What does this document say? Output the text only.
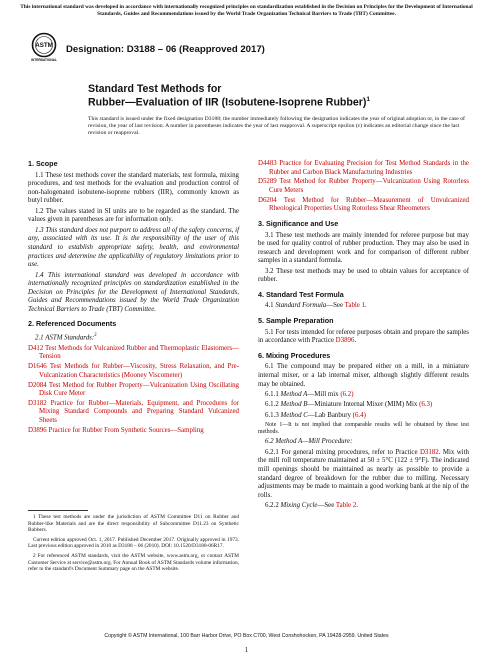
This international standard was developed in accordance with internationally recognized principles on standardization established in the Decision on Principles for the Development of International Standards, Guides and Recommendations issued by the World Trade Organization Technical Barriers to Trade (TBT) Committee.
ASTM
INTERNATIONAL
Designation: D3188 – 06 (Reapproved 2017)
Standard Test Methods for
Rubber—Evaluation of IIR (Isobutene-Isoprene Rubber)$^1$
This standard is issued under the fixed designation D3188; the number immediately following the designation indicates the year of original adoption or, in the case of revision, the year of last revision. A number in parentheses indicates the year of last reapproval. A superscript epsilon (ε) indicates an editorial change since the last revision or reapproval.
1. Scope

1.1 These test methods cover the standard materials, test formula, mixing procedures, and test methods for the evaluation and production control of non-halogenated isobutene-isoprene rubbers (IIR), commonly known as butyl rubber.

1.2 The values stated in SI units are to be regarded as the standard. The values given in parentheses are for information only.

1.3 This standard does not purport to address all of the safety concerns, if any, associated with its use. It is the responsibility of the user of this standard to establish appropriate safety, health, and environmental practices and determine the applicability of regulatory limitations prior to use.

1.4 This international standard was developed in accordance with internationally recognized principles on standardization established in the Decision on Principles for the Development of International Standards, Guides and Recommendations issued by the World Trade Organization Technical Barriers to Trade (TBT) Committee.

2. Referenced Documents

2.1 ASTM Standards:$^2$

D412 Test Methods for Vulcanized Rubber and Thermoplastic Elastomers—Tension
D1646 Test Methods for Rubber—Viscosity, Stress Relaxation, and Pre-Vulcanization Characteristics (Mooney Viscometer)
D2084 Test Method for Rubber Property—Vulcanization Using Oscillating Disk Cure Meter
D3182 Practice for Rubber—Materials, Equipment, and Procedures for Mixing Standard Compounds and Preparing Standard Vulcanized Sheets
D3896 Practice for Rubber From Synthetic Sources—Sampling
D4483 Practice for Evaluating Precision for Test Method Standards in the Rubber and Carbon Black Manufacturing Industries
D5289 Test Method for Rubber Property—Vulcanization Using Rotorless Cure Meters
D6204 Test Method for Rubber—Measurement of Unvulcanized Rheological Properties Using Rotorless Shear Rheometers
3. Significance and Use

3.1 These test methods are mainly intended for referee purpose but may be used for quality control of rubber production. They may also be used in research and development work and for comparison of different rubber samples in a standard formula.

3.2 These test methods may be used to obtain values for acceptance of rubber.

4. Standard Test Formula

4.1 Standard Formula—See Table 1.

5. Sample Preparation

5.1 For tests intended for referee purposes obtain and prepare the samples in accordance with Practice D3896.

6. Mixing Procedures

6.1 The compound may be prepared either on a mill, in a miniature internal mixer, or a lab internal mixer, although slightly different results may be obtained.

6.1.1 Method A—Mill mix (6.2)

6.1.2 Method B—Miniature Internal Mixer (MIM) Mix (6.3)

6.1.3 Method C—Lab Banbury (6.4)

Note 1—It is not implied that comparable results will be obtained by these test methods.

6.2 Method A—Mill Procedure:

6.2.1 For general mixing procedures, refer to Practice D3182. Mix with the mill roll temperature maintained at 50 ± 5°C (122 ± 9°F). The indicated mill openings should be maintained as nearly as possible to provide a standard degree of breakdown for the rubber due to milling. Necessary adjustments may be made to maintain a good working bank at the nip of the rolls.

6.2.2 Mixing Cycle—See Table 2.

1 These test methods are under the jurisdiction of ASTM Committee D11 on Rubber and Rubber-like Materials and are the direct responsibility of Subcommittee D11.23 on Synthetic Rubbers.

Current edition approved Oct. 1, 2017. Published December 2017. Originally approved in 1973. Last previous edition approved in 2010 as D3188 – 06 (2010). DOI: 10.1520/D3188-06R17.

2 For referenced ASTM standards, visit the ASTM website, www.astm.org, or contact ASTM Customer Service at service@astm.org. For Annual Book of ASTM Standards volume information, refer to the standard's Document Summary page on the ASTM website.

Copyright © ASTM International, 100 Barr Harbor Drive, PO Box C700, West Conshohocken, PA 19428-2959. United States
1
